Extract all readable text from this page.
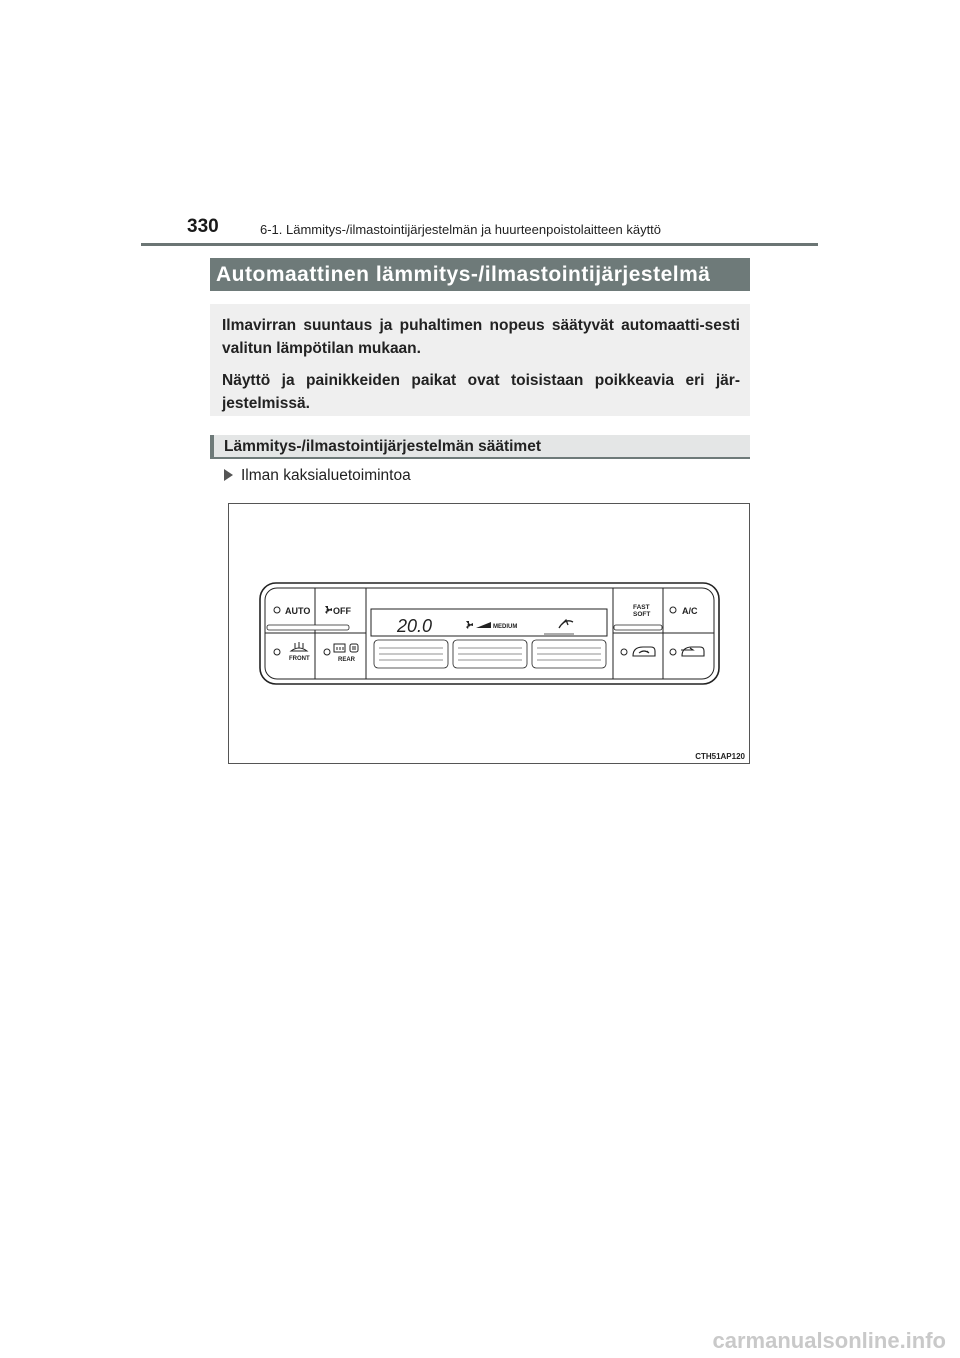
330	6-1. Lämmitys-/ilmastointijärjestelmän ja huurteenpoistolaitteen käyttö
Automaattinen lämmitys-/ilmastointijärjestelmä

Ilmavirran suuntaus ja puhaltimen nopeus säätyvät automaatti-sesti valitun lämpötilan mukaan.

Näyttö ja painikkeiden paikat ovat toisistaan poikkeavia eri jär-jestelmissä.

Lämmitys-/ilmastointijärjestelmän säätimet
Ilman kaksialuetoimintoa
AUTO	OFF
FRONT	REAR
FAST
SOFT	A/C
20.0	MEDIUM
CTH51AP120
carmanualsonline.info
